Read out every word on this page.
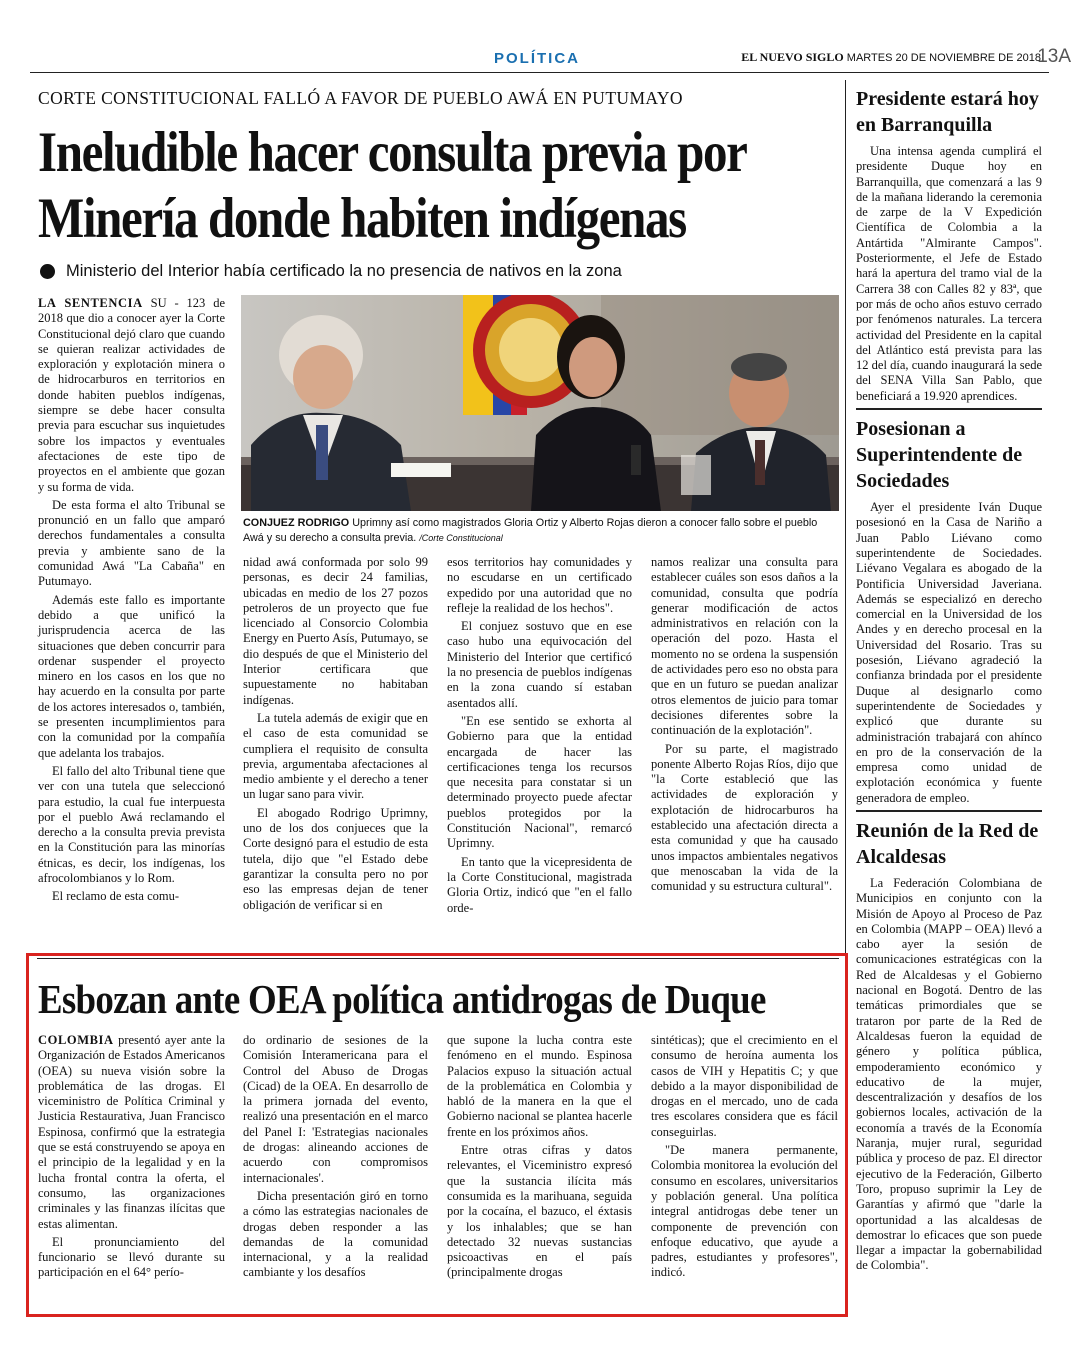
POLÍTICA	EL NUEVO SIGLO MARTES 20 DE NOVIEMBRE DE 2018
13A
CORTE CONSTITUCIONAL FALLÓ A FAVOR DE PUEBLO AWÁ EN PUTUMAYO
Ineludible hacer consulta previa por
Minería donde habiten indígenas
Ministerio del Interior había certificado la no presencia de nativos en la zona

LA SENTENCIA SU - 123 de 2018 que dio a conocer ayer la Corte Constitucional dejó claro que cuando se quieran realizar actividades de exploración y explotación minera o de hidrocarburos en territorios en donde habiten pueblos indígenas, siempre se debe hacer consulta previa para escuchar sus inquietudes sobre los impactos y eventuales afectaciones de este tipo de proyectos en el ambiente que gozan y su forma de vida.

De esta forma el alto Tribunal se pronunció en un fallo que amparó derechos fundamentales a consulta previa y ambiente sano de la comunidad Awá "La Cabaña" en Putumayo.

Además este fallo es importante debido a que unificó la jurisprudencia acerca de las situaciones que deben concurrir para ordenar suspender el proyecto minero en los casos en los que no hay acuerdo en la consulta por parte de los actores interesados o, también, se presenten incumplimientos para con la comunidad por la compañía que adelanta los trabajos.

El fallo del alto Tribunal tiene que ver con una tutela que seleccionó para estudio, la cual fue interpuesta por el pueblo Awá reclamando el derecho a la consulta previa prevista en la Constitución para las minorías étnicas, es decir, los indígenas, los afrocolombianos y lo Rom.

El reclamo de esta comu-

CONJUEZ RODRIGO Uprimny así como magistrados Gloria Ortiz y Alberto Rojas dieron a conocer fallo sobre el pueblo Awá y su derecho a consulta previa. /Corte Constitucional

nidad awá conformada por solo 99 personas, es decir 24 familias, ubicadas en medio de los 27 pozos petroleros de un proyecto que fue licenciado al Consorcio Colombia Energy en Puerto Asís, Putumayo, se dio después de que el Ministerio del Interior certificara que supuestamente no habitaban indígenas.

La tutela además de exigir que en el caso de esta comunidad se cumpliera el requisito de consulta previa, argumentaba afectaciones al medio ambiente y el derecho a tener un lugar sano para vivir.

El abogado Rodrigo Uprimny, uno de los dos conjueces que la Corte designó para el estudio de esta tutela, dijo que "el Estado debe garantizar la consulta pero no por eso las empresas dejan de tener obligación de verificar si en

esos territorios hay comunidades y no escudarse en un certificado expedido por una autoridad que no refleje la realidad de los hechos".

El conjuez sostuvo que en ese caso hubo una equivocación del Ministerio del Interior que certificó la no presencia de pueblos indígenas en la zona cuando sí estaban asentados allí.

"En ese sentido se exhorta al Gobierno para que la entidad encargada de hacer las certificaciones tenga los recursos que necesita para constatar si un determinado proyecto puede afectar pueblos protegidos por la Constitución Nacional", remarcó Uprimny.

En tanto que la vicepresidenta de la Corte Constitucional, magistrada Gloria Ortiz, indicó que "en el fallo orde-

namos realizar una consulta para establecer cuáles son esos daños a la comunidad, consulta que podría generar modificación de actos administrativos en relación con la operación del pozo. Hasta el momento no se ordena la suspensión de actividades pero eso no obsta para que en un futuro se puedan analizar otros elementos de juicio para tomar decisiones diferentes sobre la continuación de la explotación".

Por su parte, el magistrado ponente Alberto Rojas Ríos, dijo que "la Corte estableció que las actividades de exploración y explotación de hidrocarburos ha establecido una afectación directa a esta comunidad y que ha causado unos impactos ambientales negativos que menoscaban la vida de la comunidad y su estructura cultural".

Esbozan ante OEA política antidrogas de Duque

COLOMBIA presentó ayer ante la Organización de Estados Americanos (OEA) su nueva visión sobre la problemática de las drogas. El viceministro de Política Criminal y Justicia Restaurativa, Juan Francisco Espinosa, confirmó que la estrategia que se está construyendo se apoya en el principio de la legalidad y en la lucha frontal contra la oferta, el consumo, las organizaciones criminales y las finanzas ilícitas que estas alimentan.

El pronunciamiento del funcionario se llevó durante su participación en el 64° perío-

do ordinario de sesiones de la Comisión Interamericana para el Control del Abuso de Drogas (Cicad) de la OEA. En desarrollo de la primera jornada del evento, realizó una presentación en el marco del Panel I: 'Estrategias nacionales de drogas: alineando acciones de acuerdo con compromisos internacionales'.

Dicha presentación giró en torno a cómo las estrategias nacionales de drogas deben responder a las demandas de la comunidad internacional, y a la realidad cambiante y los desafíos

que supone la lucha contra este fenómeno en el mundo. Espinosa Palacios expuso la situación actual de la problemática en Colombia y habló de la manera en la que el Gobierno nacional se plantea hacerle frente en los próximos años.

Entre otras cifras y datos relevantes, el Viceministro expresó que la sustancia ilícita más consumida es la marihuana, seguida por la cocaína, el bazuco, el éxtasis y los inhalables; que se han detectado 32 nuevas sustancias psicoactivas en el país (principalmente drogas

sintéticas); que el crecimiento en el consumo de heroína aumenta los casos de VIH y Hepatitis C; y que debido a la mayor disponibilidad de drogas en el mercado, uno de cada tres escolares considera que es fácil conseguirlas.

"De manera permanente, Colombia monitorea la evolución del consumo en escolares, universitarios y población general. Una política integral antidrogas debe tener un componente de prevención con enfoque educativo, que ayude a padres, estudiantes y profesores", indicó.

Presidente estará hoy en Barranquilla

Una intensa agenda cumplirá el presidente Duque hoy en Barranquilla, que comenzará a las 9 de la mañana liderando la ceremonia de zarpe de la V Expedición Científica de Colombia a la Antártida "Almirante Campos". Posteriormente, el Jefe de Estado hará la apertura del tramo vial de la Carrera 38 con Calles 82 y 83ª, que por más de ocho años estuvo cerrado por fenómenos naturales. La tercera actividad del Presidente en la capital del Atlántico está prevista para las 12 del día, cuando inaugurará la sede del SENA Villa San Pablo, que beneficiará a 19.920 aprendices.

Posesionan a Superintendente de Sociedades

Ayer el presidente Iván Duque posesionó en la Casa de Nariño a Juan Pablo Liévano como superintendente de Sociedades. Liévano Vegalara es abogado de la Pontificia Universidad Javeriana. Además se especializó en derecho comercial en la Universidad de los Andes y en derecho procesal en la Universidad del Rosario. Tras su posesión, Liévano agradeció la confianza brindada por el presidente Duque al designarlo como superintendente de Sociedades y explicó que durante su administración trabajará con ahínco en pro de la conservación de la empresa como unidad de explotación económica y fuente generadora de empleo.

Reunión de la Red de Alcaldesas

La Federación Colombiana de Municipios en conjunto con la Misión de Apoyo al Proceso de Paz en Colombia (MAPP – OEA) llevó a cabo ayer la sesión de comunicaciones estratégicas con la Red de Alcaldesas y el Gobierno nacional en Bogotá. Dentro de las temáticas primordiales que se trataron por parte de la Red de Alcaldesas fueron la equidad de género y política pública, empoderamiento económico y educativo de la mujer, descentralización y desafíos de los gobiernos locales, activación de la economía a través de la Economía Naranja, mujer rural, seguridad pública y proceso de paz. El director ejecutivo de la Federación, Gilberto Toro, propuso suprimir la Ley de Garantías y afirmó que "darle la oportunidad a las alcaldesas de demostrar lo eficaces que son puede llegar a impactar la gobernabilidad de Colombia".
